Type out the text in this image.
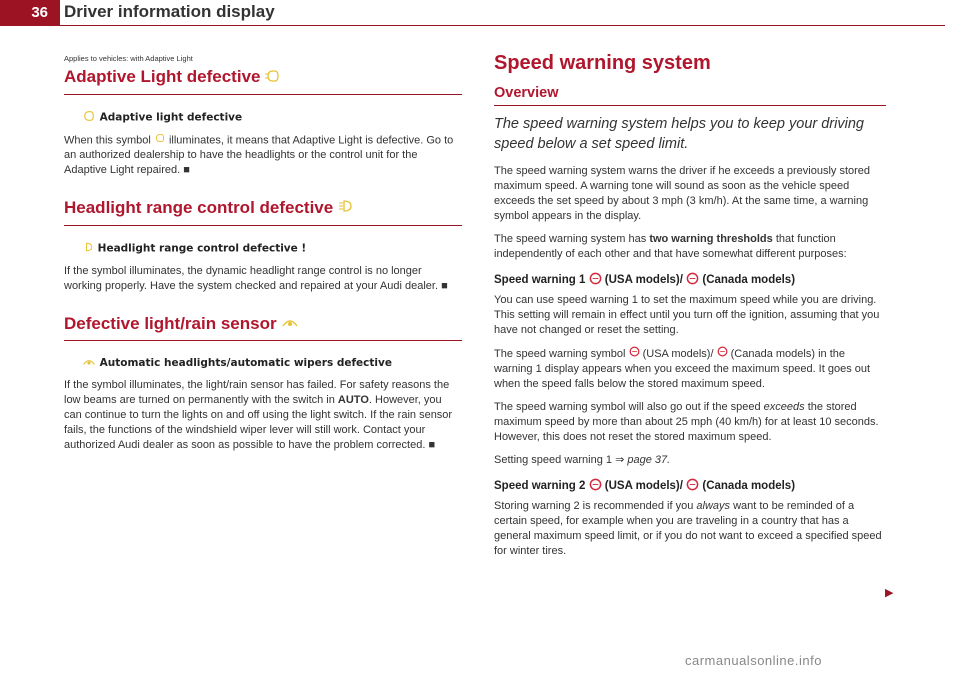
36 Driver information display
Applies to vehicles: with Adaptive Light
Adaptive Light defective
Adaptive light defective

When this symbol illuminates, it means that Adaptive Light is defective. Go to an authorized dealership to have the headlights or the control unit for the Adaptive Light repaired. ■

Headlight range control defective
Headlight range control defective !

If the symbol illuminates, the dynamic headlight range control is no longer working properly. Have the system checked and repaired at your Audi dealer. ■

Defective light/rain sensor
Automatic headlights/automatic wipers defective

If the symbol illuminates, the light/rain sensor has failed. For safety reasons the low beams are turned on permanently with the switch in AUTO. However, you can continue to turn the lights on and off using the light switch. If the rain sensor fails, the functions of the windshield wiper lever will still work. Contact your authorized Audi dealer as soon as possible to have the problem corrected. ■

Speed warning system
Overview
The speed warning system helps you to keep your driving speed below a set speed limit.

The speed warning system warns the driver if he exceeds a previously stored maximum speed. A warning tone will sound as soon as the vehicle speed exceeds the set speed by about 3 mph (3 km/h). At the same time, a warning symbol appears in the display.

The speed warning system has two warning thresholds that function independently of each other and that have somewhat different purposes:

Speed warning 1 (USA models)/ (Canada models)

You can use speed warning 1 to set the maximum speed while you are driving. This setting will remain in effect until you turn off the ignition, assuming that you have not changed or reset the setting.

The speed warning symbol (USA models)/ (Canada models) in the warning 1 display appears when you exceed the maximum speed. It goes out when the speed falls below the stored maximum speed.

The speed warning symbol will also go out if the speed exceeds the stored maximum speed by more than about 25 mph (40 km/h) for at least 10 seconds. However, this does not reset the stored maximum speed.

Setting speed warning 1 ⇒ page 37.

Speed warning 2 (USA models)/ (Canada models)

Storing warning 2 is recommended if you always want to be reminded of a certain speed, for example when you are traveling in a country that has a general maximum speed limit, or if you do not want to exceed a specified speed for winter tires.

▶
carmanualsonline.info
